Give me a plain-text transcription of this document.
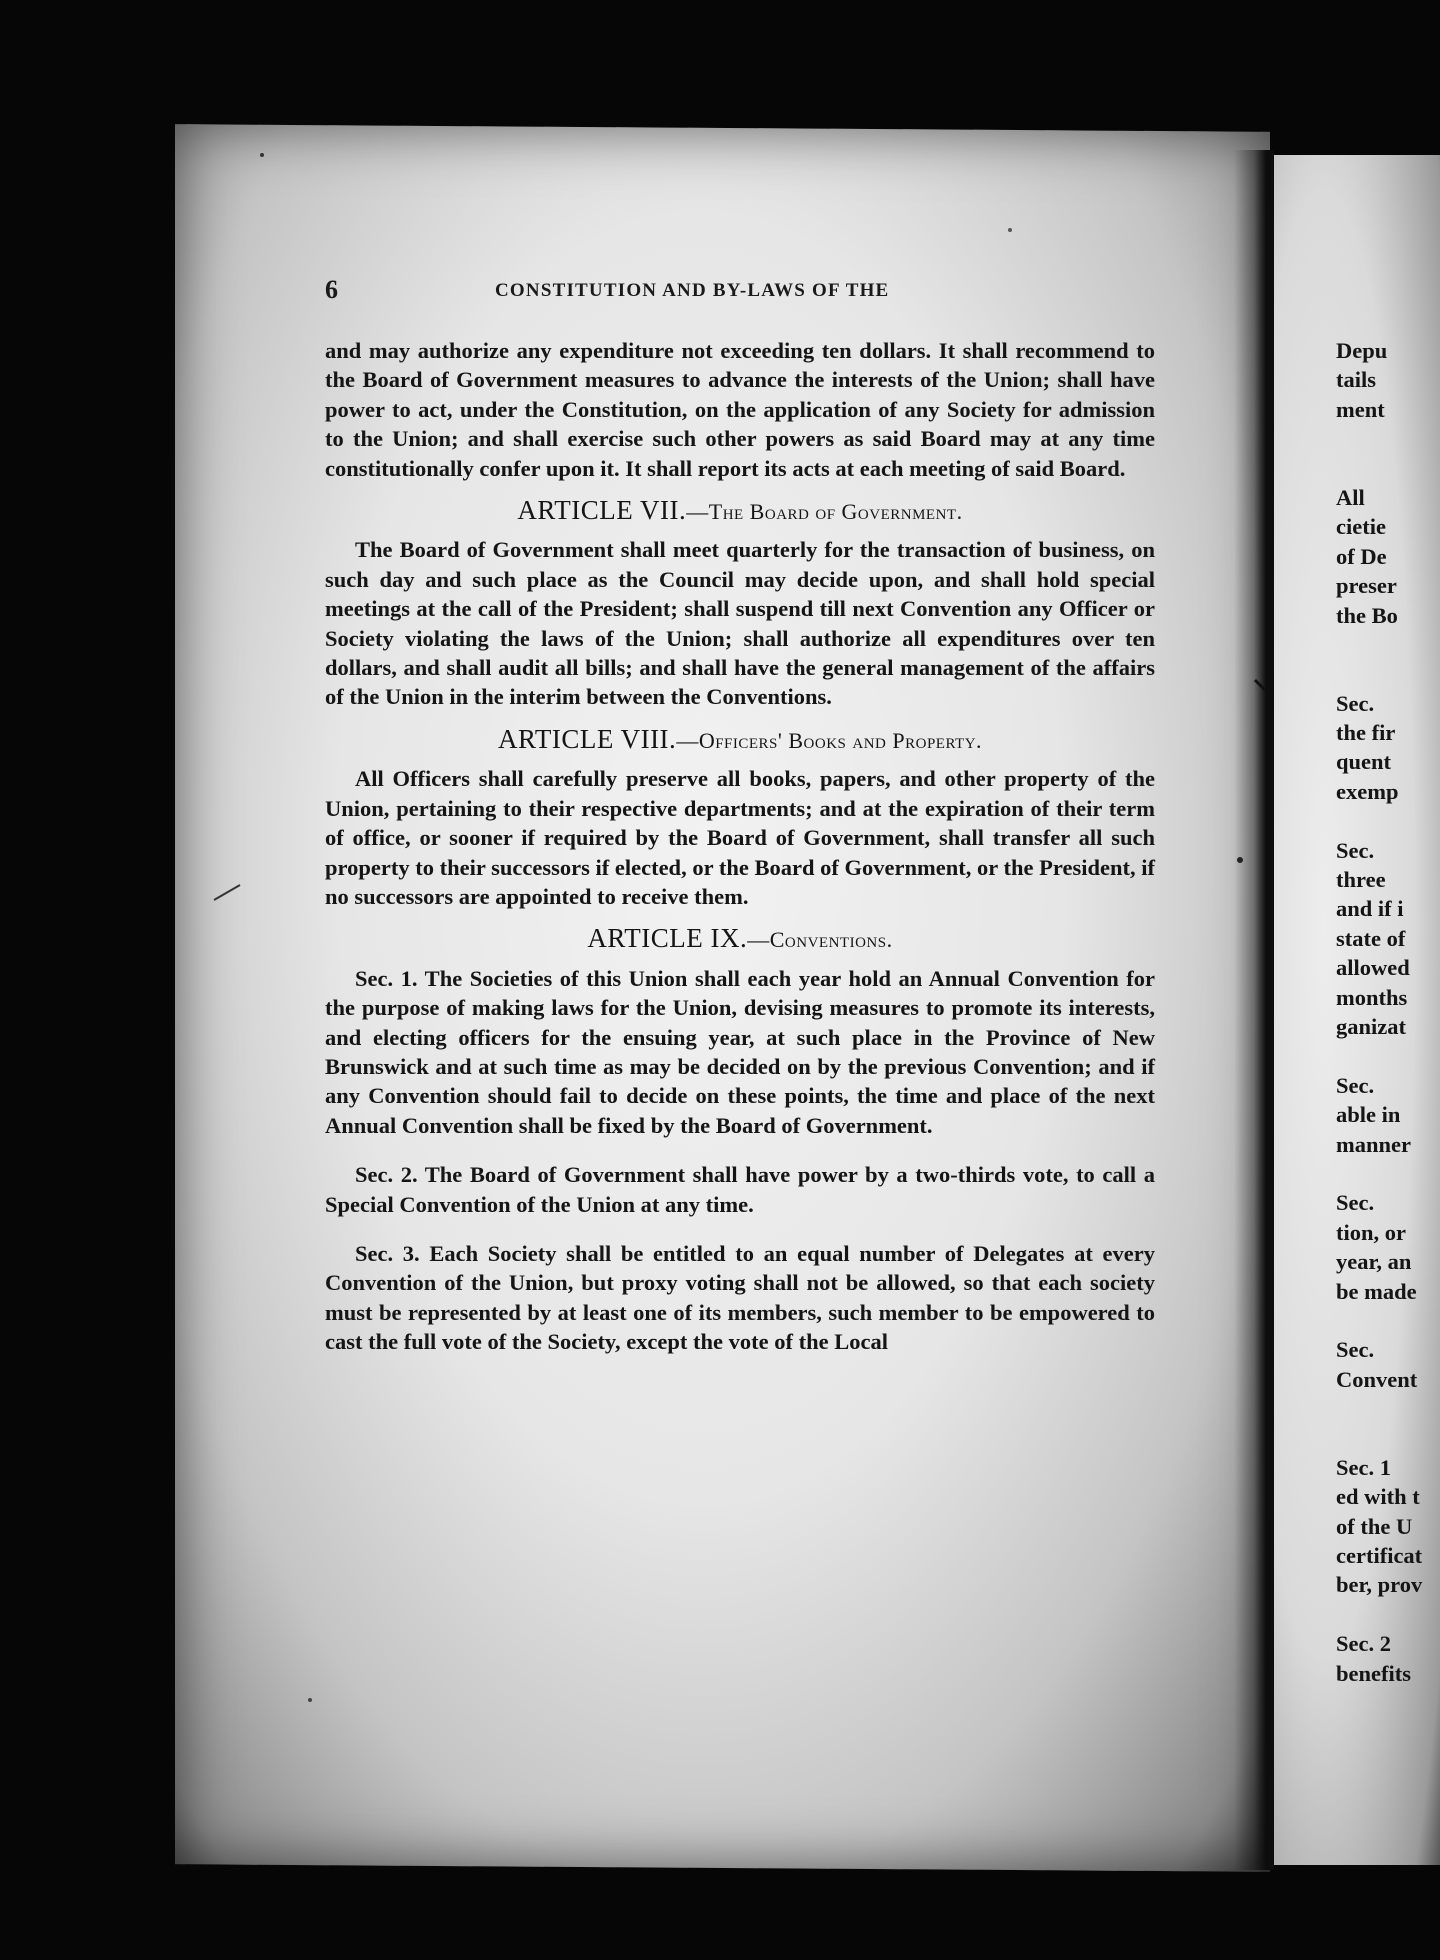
6	CONSTITUTION AND BY-LAWS OF THE

and may authorize any expenditure not exceeding ten dollars. It shall recommend to the Board of Government measures to advance the interests of the Union; shall have power to act, under the Constitution, on the application of any Society for admission to the Union; and shall exercise such other powers as said Board may at any time constitutionally confer upon it. It shall report its acts at each meeting of said Board.

ARTICLE VII.—The Board of Government.

The Board of Government shall meet quarterly for the transaction of business, on such day and such place as the Council may decide upon, and shall hold special meetings at the call of the President; shall suspend till next Convention any Officer or Society violating the laws of the Union; shall authorize all expenditures over ten dollars, and shall audit all bills; and shall have the general management of the affairs of the Union in the interim between the Conventions.

ARTICLE VIII.—Officers' Books and Property.

All Officers shall carefully preserve all books, papers, and other property of the Union, pertaining to their respective departments; and at the expiration of their term of office, or sooner if required by the Board of Government, shall transfer all such property to their successors if elected, or the Board of Government, or the President, if no successors are appointed to receive them.

ARTICLE IX.—Conventions.

Sec. 1. The Societies of this Union shall each year hold an Annual Convention for the purpose of making laws for the Union, devising measures to promote its interests, and electing officers for the ensuing year, at such place in the Province of New Brunswick and at such time as may be decided on by the previous Convention; and if any Convention should fail to decide on these points, the time and place of the next Annual Convention shall be fixed by the Board of Government.

Sec. 2. The Board of Government shall have power by a two-thirds vote, to call a Special Convention of the Union at any time.

Sec. 3. Each Society shall be entitled to an equal number of Delegates at every Convention of the Union, but proxy voting shall not be allowed, so that each society must be represented by at least one of its members, such member to be empowered to cast the full vote of the Society, except the vote of the Local

Depu
tails
ment
All
cietie
of De
preser
the Bo
Sec.
the fir
quent
exemp
Sec.
three
and if i
state of
allowed
months
ganizat
Sec.
able in
manner
Sec.
tion, or
year, an
be made
Sec.
Convent
Sec. 1
ed with t
of the U
certificat
ber, prov
Sec. 2
benefits
